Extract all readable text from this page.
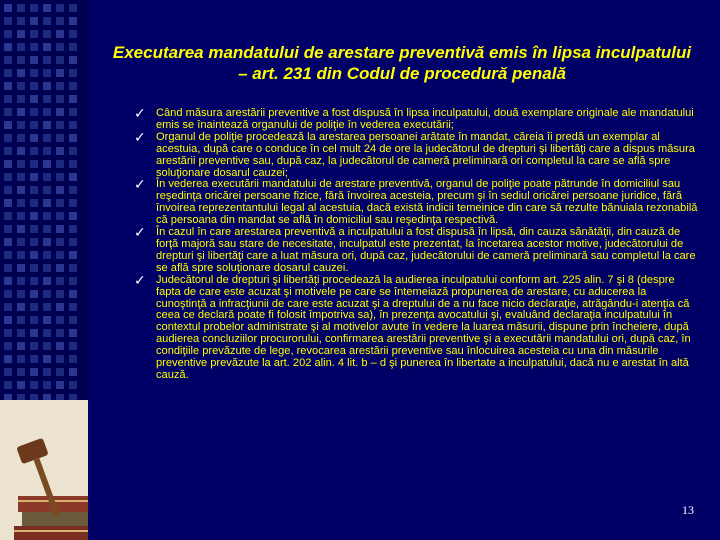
Executarea mandatului de arestare preventivă emis în lipsa inculpatului – art. 231 din Codul de procedură penală
✓ Când măsura arestării preventive a fost dispusă în lipsa inculpatului, două exemplare originale ale mandatului emis se înaintează organului de poliţie în vederea executării;
✓ Organul de poliţie procedează la arestarea persoanei arătate în mandat, căreia îi predă un exemplar al acestuia, după care o conduce în cel mult 24 de ore la judecătorul de drepturi şi libertăţi care a dispus măsura arestării preventive sau, după caz, la judecătorul de cameră preliminară ori completul la care se află spre soluţionare dosarul cauzei;
✓ În vederea executării mandatului de arestare preventivă, organul de poliţie poate pătrunde în domiciliul sau reşedinţa oricărei persoane fizice, fără învoirea acesteia, precum şi în sediul oricărei persoane juridice, fără învoirea reprezentantului legal al acestuia, dacă există indicii temeinice din care să rezulte bănuiala rezonabilă că persoana din mandat se află în domiciliul sau reşedinţa respectivă.
✓ În cazul în care arestarea preventivă a inculpatului a fost dispusă în lipsă, din cauza sănătăţii, din cauză de forţă majoră sau stare de necesitate, inculpatul este prezentat, la încetarea acestor motive, judecătorului de drepturi şi libertăţi care a luat măsura ori, după caz, judecătorului de cameră preliminară sau completul la care se află spre soluţionare dosarul cauzei.
✓ Judecătorul de drepturi şi libertăţi procedează la audierea inculpatului conform art. 225 alin. 7 şi 8 (despre fapta de care este acuzat şi motivele pe care se întemeiază propunerea de arestare, cu aducerea la cunoştinţă a infracţiunii de care este acuzat şi a dreptului de a nu face nicio declaraţie, atrăgându-i atenţia că ceea ce declară poate fi folosit împotriva sa), în prezenţa avocatului şi, evaluând declaraţia inculpatului în contextul probelor administrate şi al motivelor avute în vedere la luarea măsurii, dispune prin încheiere, după audierea concluziilor procurorului, confirmarea arestării preventive şi a executării mandatului ori, după caz, în condiţiile prevăzute de lege, revocarea arestării preventive sau înlocuirea acesteia cu una din măsurile preventive prevăzute la art. 202 alin. 4 lit. b – d şi punerea în libertate a inculpatului, dacă nu e arestat în altă cauză.
13
